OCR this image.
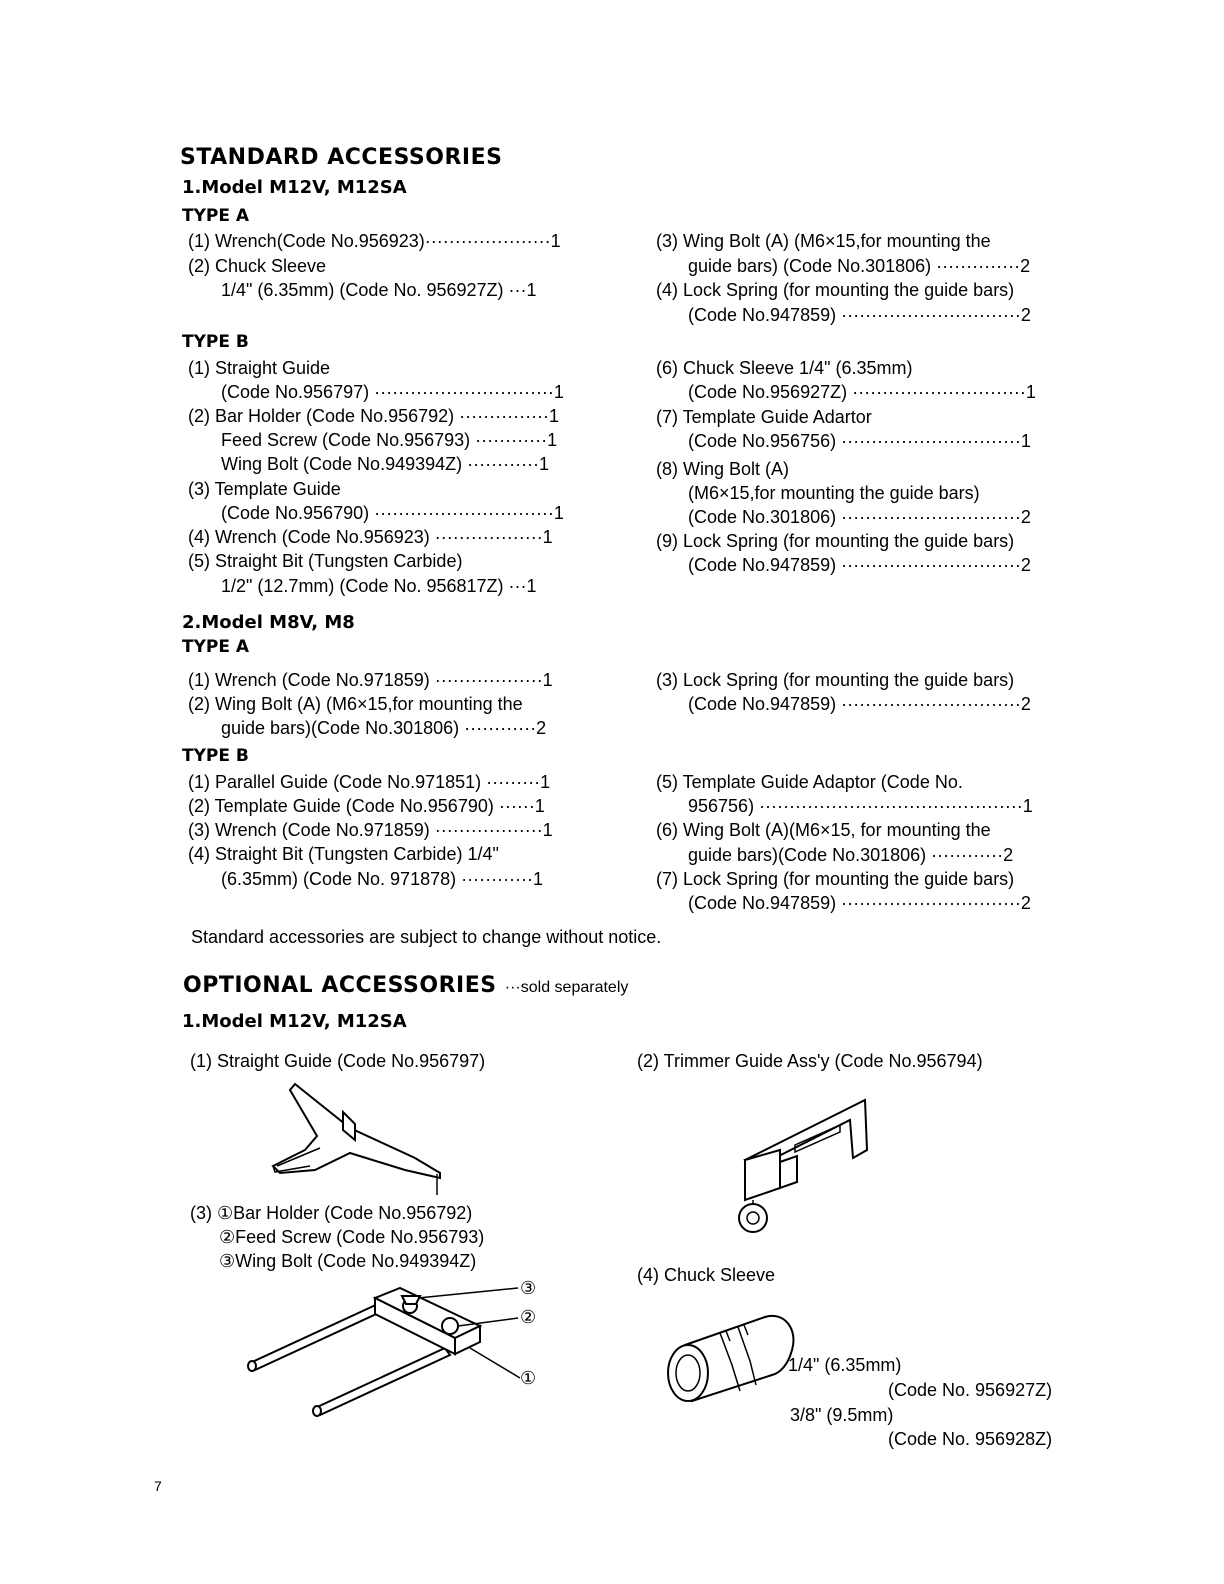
STANDARD ACCESSORIES
1.Model M12V, M12SA
TYPE A
(1) Wrench(Code No.956923)·····················1
(2) Chuck Sleeve
1/4" (6.35mm) (Code No. 956927Z) ···1
(3) Wing Bolt (A) (M6×15,for mounting the
guide bars) (Code No.301806) ··············2
(4) Lock Spring (for mounting the guide bars)
(Code No.947859) ······························2
TYPE B
(1) Straight Guide
(Code No.956797) ······························1
(2) Bar Holder (Code No.956792) ···············1
Feed Screw (Code No.956793) ············1
Wing Bolt (Code No.949394Z) ············1
(3) Template Guide
(Code No.956790) ······························1
(4) Wrench (Code No.956923) ··················1
(5) Straight Bit (Tungsten Carbide)
1/2" (12.7mm) (Code No. 956817Z) ···1
(6) Chuck Sleeve 1/4" (6.35mm)
(Code No.956927Z) ·····························1
(7) Template Guide Adartor
(Code No.956756) ······························1
(8) Wing Bolt (A)
(M6×15,for mounting the guide bars)
(Code No.301806) ······························2
(9) Lock Spring (for mounting the guide bars)
(Code No.947859) ······························2
2.Model M8V, M8
TYPE A
(1) Wrench (Code No.971859) ··················1
(2) Wing Bolt (A) (M6×15,for mounting the
guide bars)(Code No.301806) ············2
(3) Lock Spring (for mounting the guide bars)
(Code No.947859) ······························2
TYPE B
(1) Parallel Guide (Code No.971851) ·········1
(2) Template Guide (Code No.956790) ······1
(3) Wrench (Code No.971859) ··················1
(4) Straight Bit (Tungsten Carbide) 1/4"
(6.35mm) (Code No. 971878) ············1
(5) Template Guide Adaptor (Code No.
956756) ············································1
(6) Wing Bolt (A)(M6×15, for mounting the
guide bars)(Code No.301806) ············2
(7) Lock Spring (for mounting the guide bars)
(Code No.947859) ······························2
Standard accessories are subject to change without notice.
OPTIONAL ACCESSORIES ···sold separately
1.Model M12V, M12SA
(1) Straight Guide (Code No.956797)	(2) Trimmer Guide Ass'y (Code No.956794)
(3) ①Bar Holder (Code No.956792)
②Feed Screw (Code No.956793)
③Wing Bolt (Code No.949394Z)
(4) Chuck Sleeve
1/4" (6.35mm)
(Code No. 956927Z)
3/8" (9.5mm)
(Code No. 956928Z)
③
②
①
7
